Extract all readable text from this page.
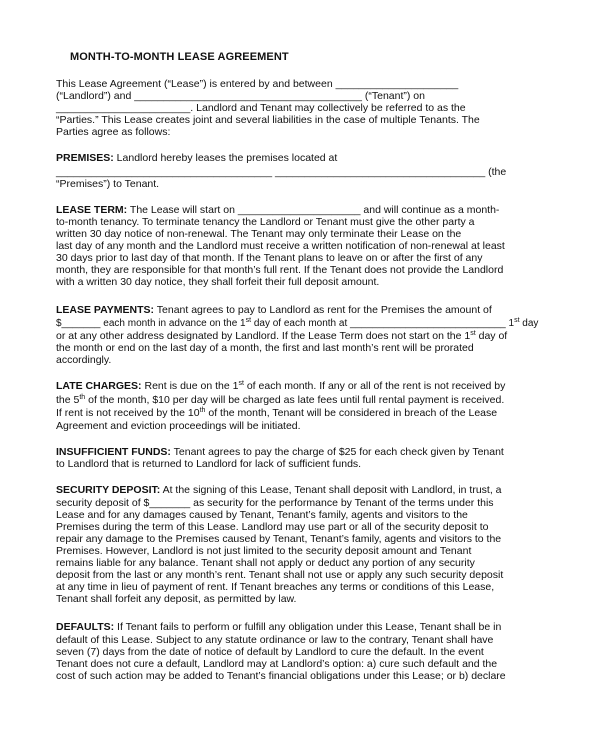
MONTH-TO-MONTH LEASE AGREEMENT
This Lease Agreement (“Lease”) is entered by and between _____________________
(“Landlord”) and _______________________________________ (“Tenant”) on
_______________________. Landlord and Tenant may collectively be referred to as the
“Parties.” This Lease creates joint and several liabilities in the case of multiple Tenants. The
Parties agree as follows:
PREMISES: Landlord hereby leases the premises located at
_____________________________________ ____________________________________ (the
“Premises”) to Tenant.
LEASE TERM: The Lease will start on _____________________ and will continue as a month-
to-month tenancy. To terminate tenancy the Landlord or Tenant must give the other party a
written 30 day notice of non-renewal. The Tenant may only terminate their Lease on the
last day of any month and the Landlord must receive a written notification of non-renewal at least
30 days prior to last day of that month. If the Tenant plans to leave on or after the first of any
month, they are responsible for that month’s full rent. If the Tenant does not provide the Landlord
with a written 30 day notice, they shall forfeit their full deposit amount.
LEASE PAYMENTS: Tenant agrees to pay to Landlord as rent for the Premises the amount of
$_______ each month in advance on the 1st day of each month at ____________________________ 1st day
or at any other address designated by Landlord. If the Lease Term does not start on the 1st day of
the month or end on the last day of a month, the first and last month’s rent will be prorated
accordingly.
LATE CHARGES: Rent is due on the 1st of each month. If any or all of the rent is not received by
the 5th of the month, $10 per day will be charged as late fees until full rental payment is received.
If rent is not received by the 10th of the month, Tenant will be considered in breach of the Lease
Agreement and eviction proceedings will be initiated.
INSUFFICIENT FUNDS: Tenant agrees to pay the charge of $25 for each check given by Tenant
to Landlord that is returned to Landlord for lack of sufficient funds.
SECURITY DEPOSIT: At the signing of this Lease, Tenant shall deposit with Landlord, in trust, a
security deposit of $_______ as security for the performance by Tenant of the terms under this
Lease and for any damages caused by Tenant, Tenant’s family, agents and visitors to the
Premises during the term of this Lease. Landlord may use part or all of the security deposit to
repair any damage to the Premises caused by Tenant, Tenant’s family, agents and visitors to the
Premises. However, Landlord is not just limited to the security deposit amount and Tenant
remains liable for any balance. Tenant shall not apply or deduct any portion of any security
deposit from the last or any month’s rent. Tenant shall not use or apply any such security deposit
at any time in lieu of payment of rent. If Tenant breaches any terms or conditions of this Lease,
Tenant shall forfeit any deposit, as permitted by law.
DEFAULTS: If Tenant fails to perform or fulfill any obligation under this Lease, Tenant shall be in
default of this Lease. Subject to any statute ordinance or law to the contrary, Tenant shall have
seven (7) days from the date of notice of default by Landlord to cure the default. In the event
Tenant does not cure a default, Landlord may at Landlord’s option: a) cure such default and the
cost of such action may be added to Tenant’s financial obligations under this Lease; or b) declare
